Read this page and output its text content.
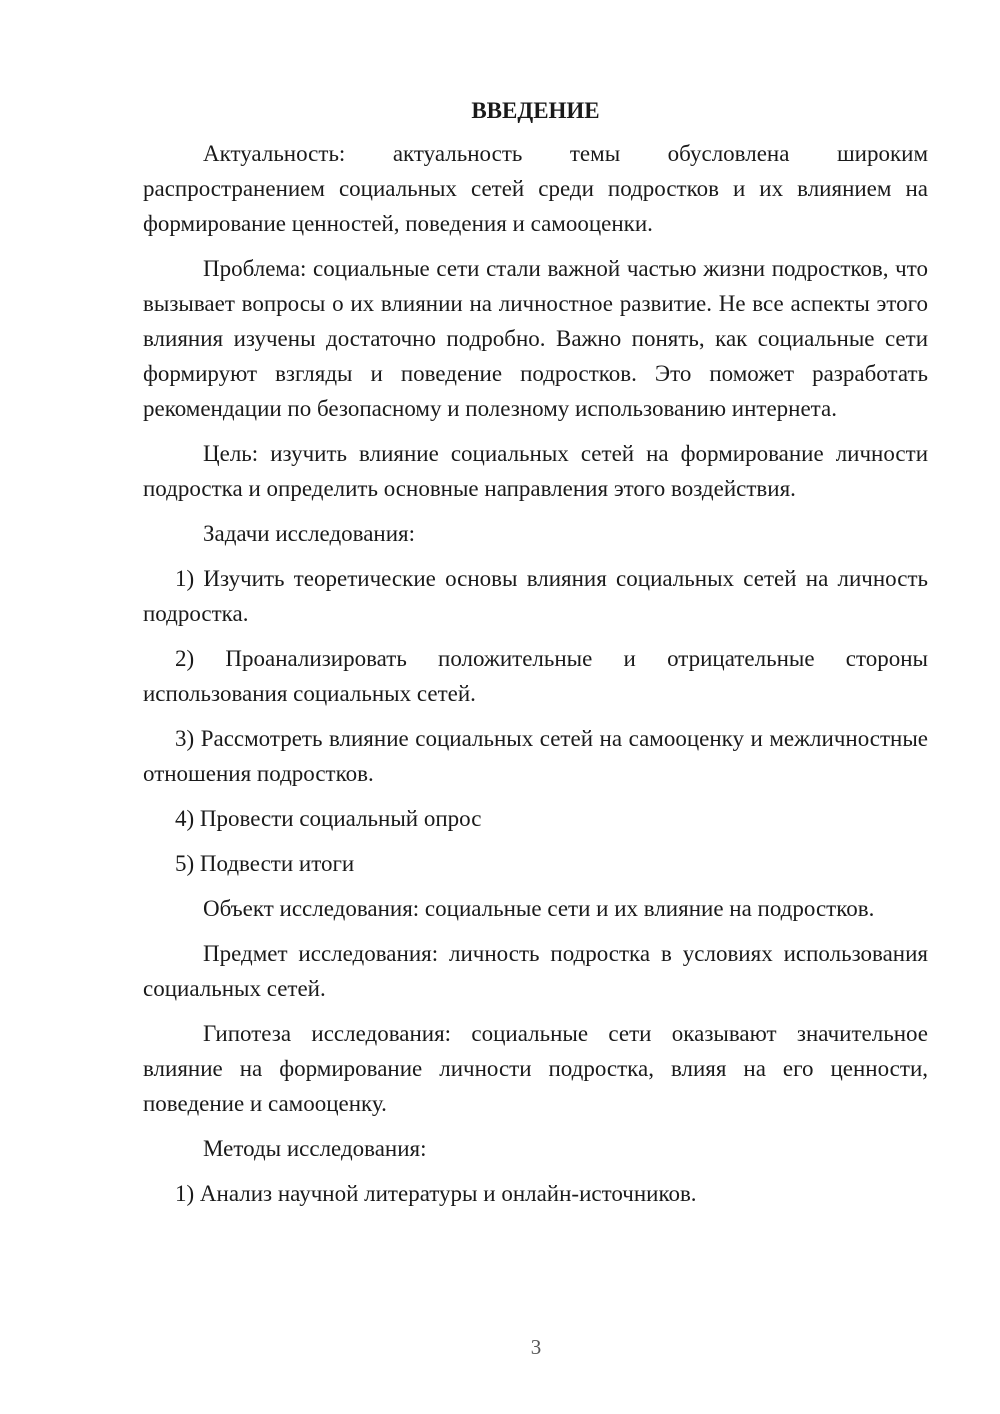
ВВЕДЕНИЕ

Актуальность: актуальность темы обусловлена широким распространением социальных сетей среди подростков и их влиянием на формирование ценностей, поведения и самооценки.

Проблема: социальные сети стали важной частью жизни подростков, что вызывает вопросы о их влиянии на личностное развитие. Не все аспекты этого влияния изучены достаточно подробно. Важно понять, как социальные сети формируют взгляды и поведение подростков. Это поможет разработать рекомендации по безопасному и полезному использованию интернета.

Цель: изучить влияние социальных сетей на формирование личности подростка и определить основные направления этого воздействия.

Задачи исследования:

1) Изучить теоретические основы влияния социальных сетей на личность подростка.

2) Проанализировать положительные и отрицательные стороны использования социальных сетей.

3) Рассмотреть влияние социальных сетей на самооценку и межличностные отношения подростков.

4) Провести социальный опрос

5) Подвести итоги

Объект исследования: социальные сети и их влияние на подростков.

Предмет исследования: личность подростка в условиях использования социальных сетей.

Гипотеза исследования: социальные сети оказывают значительное влияние на формирование личности подростка, влияя на его ценности, поведение и самооценку.

Методы исследования:

1) Анализ научной литературы и онлайн-источников.

3
